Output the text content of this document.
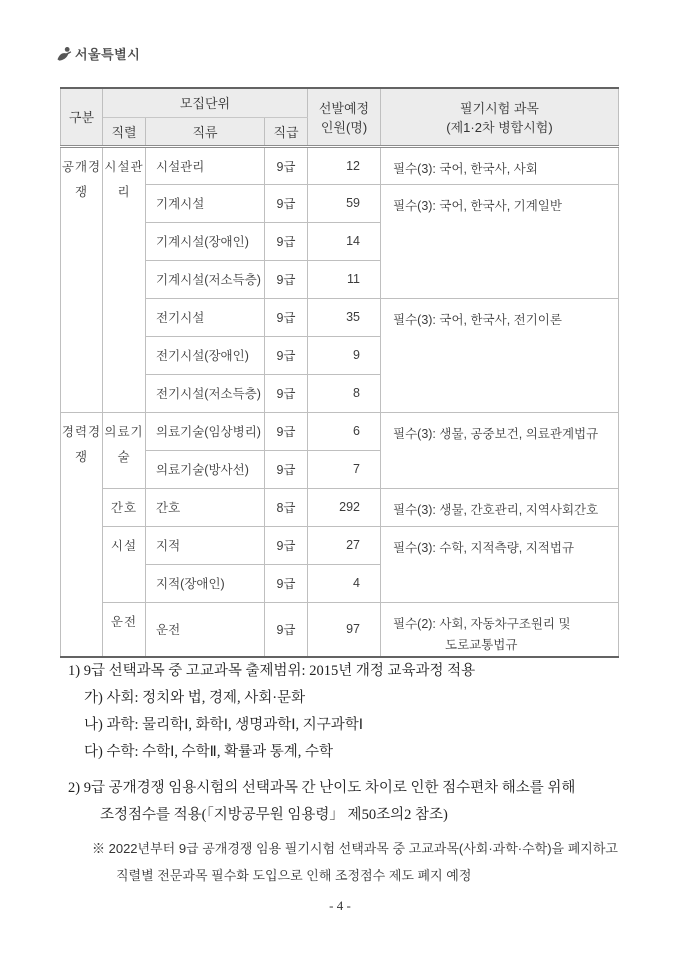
서울특별시
구분	모집단위			선발예정
인원(명)	필기시험 과목
(제1·2차 병합시험)

	직렬	직류	직급		
공개경쟁	시설관리	시설관리	9급	12	필수(3): 국어, 한국사, 사회
		기계시설	9급	59	필수(3): 국어, 한국사, 기계일반
		기계시설(장애인)	9급	14	
		기계시설(저소득층)	9급	11	
		전기시설	9급	35	필수(3): 국어, 한국사, 전기이론
		전기시설(장애인)	9급	9	
		전기시설(저소득층)	9급	8	
경력경쟁	의료기술	의료기술(임상병리)	9급	6	필수(3): 생물, 공중보건, 의료관계법규
		의료기술(방사선)	9급	7	
	간호	간호	8급	292	필수(3): 생물, 간호관리, 지역사회간호
	시설	지적	9급	27	필수(3): 수학, 지적측량, 지적법규
		지적(장애인)	9급	4	
	운전	운전	9급	97	필수(2): 사회, 자동차구조원리 및
도로교통법규
1) 9급 선택과목 중 고교과목 출제범위: 2015년 개정 교육과정 적용
가) 사회: 정치와 법, 경제, 사회·문화
나) 과학: 물리학Ⅰ, 화학Ⅰ, 생명과학Ⅰ, 지구과학Ⅰ
다) 수학: 수학Ⅰ, 수학Ⅱ, 확률과 통계, 수학
2) 9급 공개경쟁 임용시험의 선택과목 간 난이도 차이로 인한 점수편차 해소를 위해
조정점수를 적용(「지방공무원 임용령」 제50조의2 참조)
※ 2022년부터 9급 공개경쟁 임용 필기시험 선택과목 중 고교과목(사회·과학·수학)을 폐지하고
직렬별 전문과목 필수화 도입으로 인해 조정점수 제도 폐지 예정
- 4 -
